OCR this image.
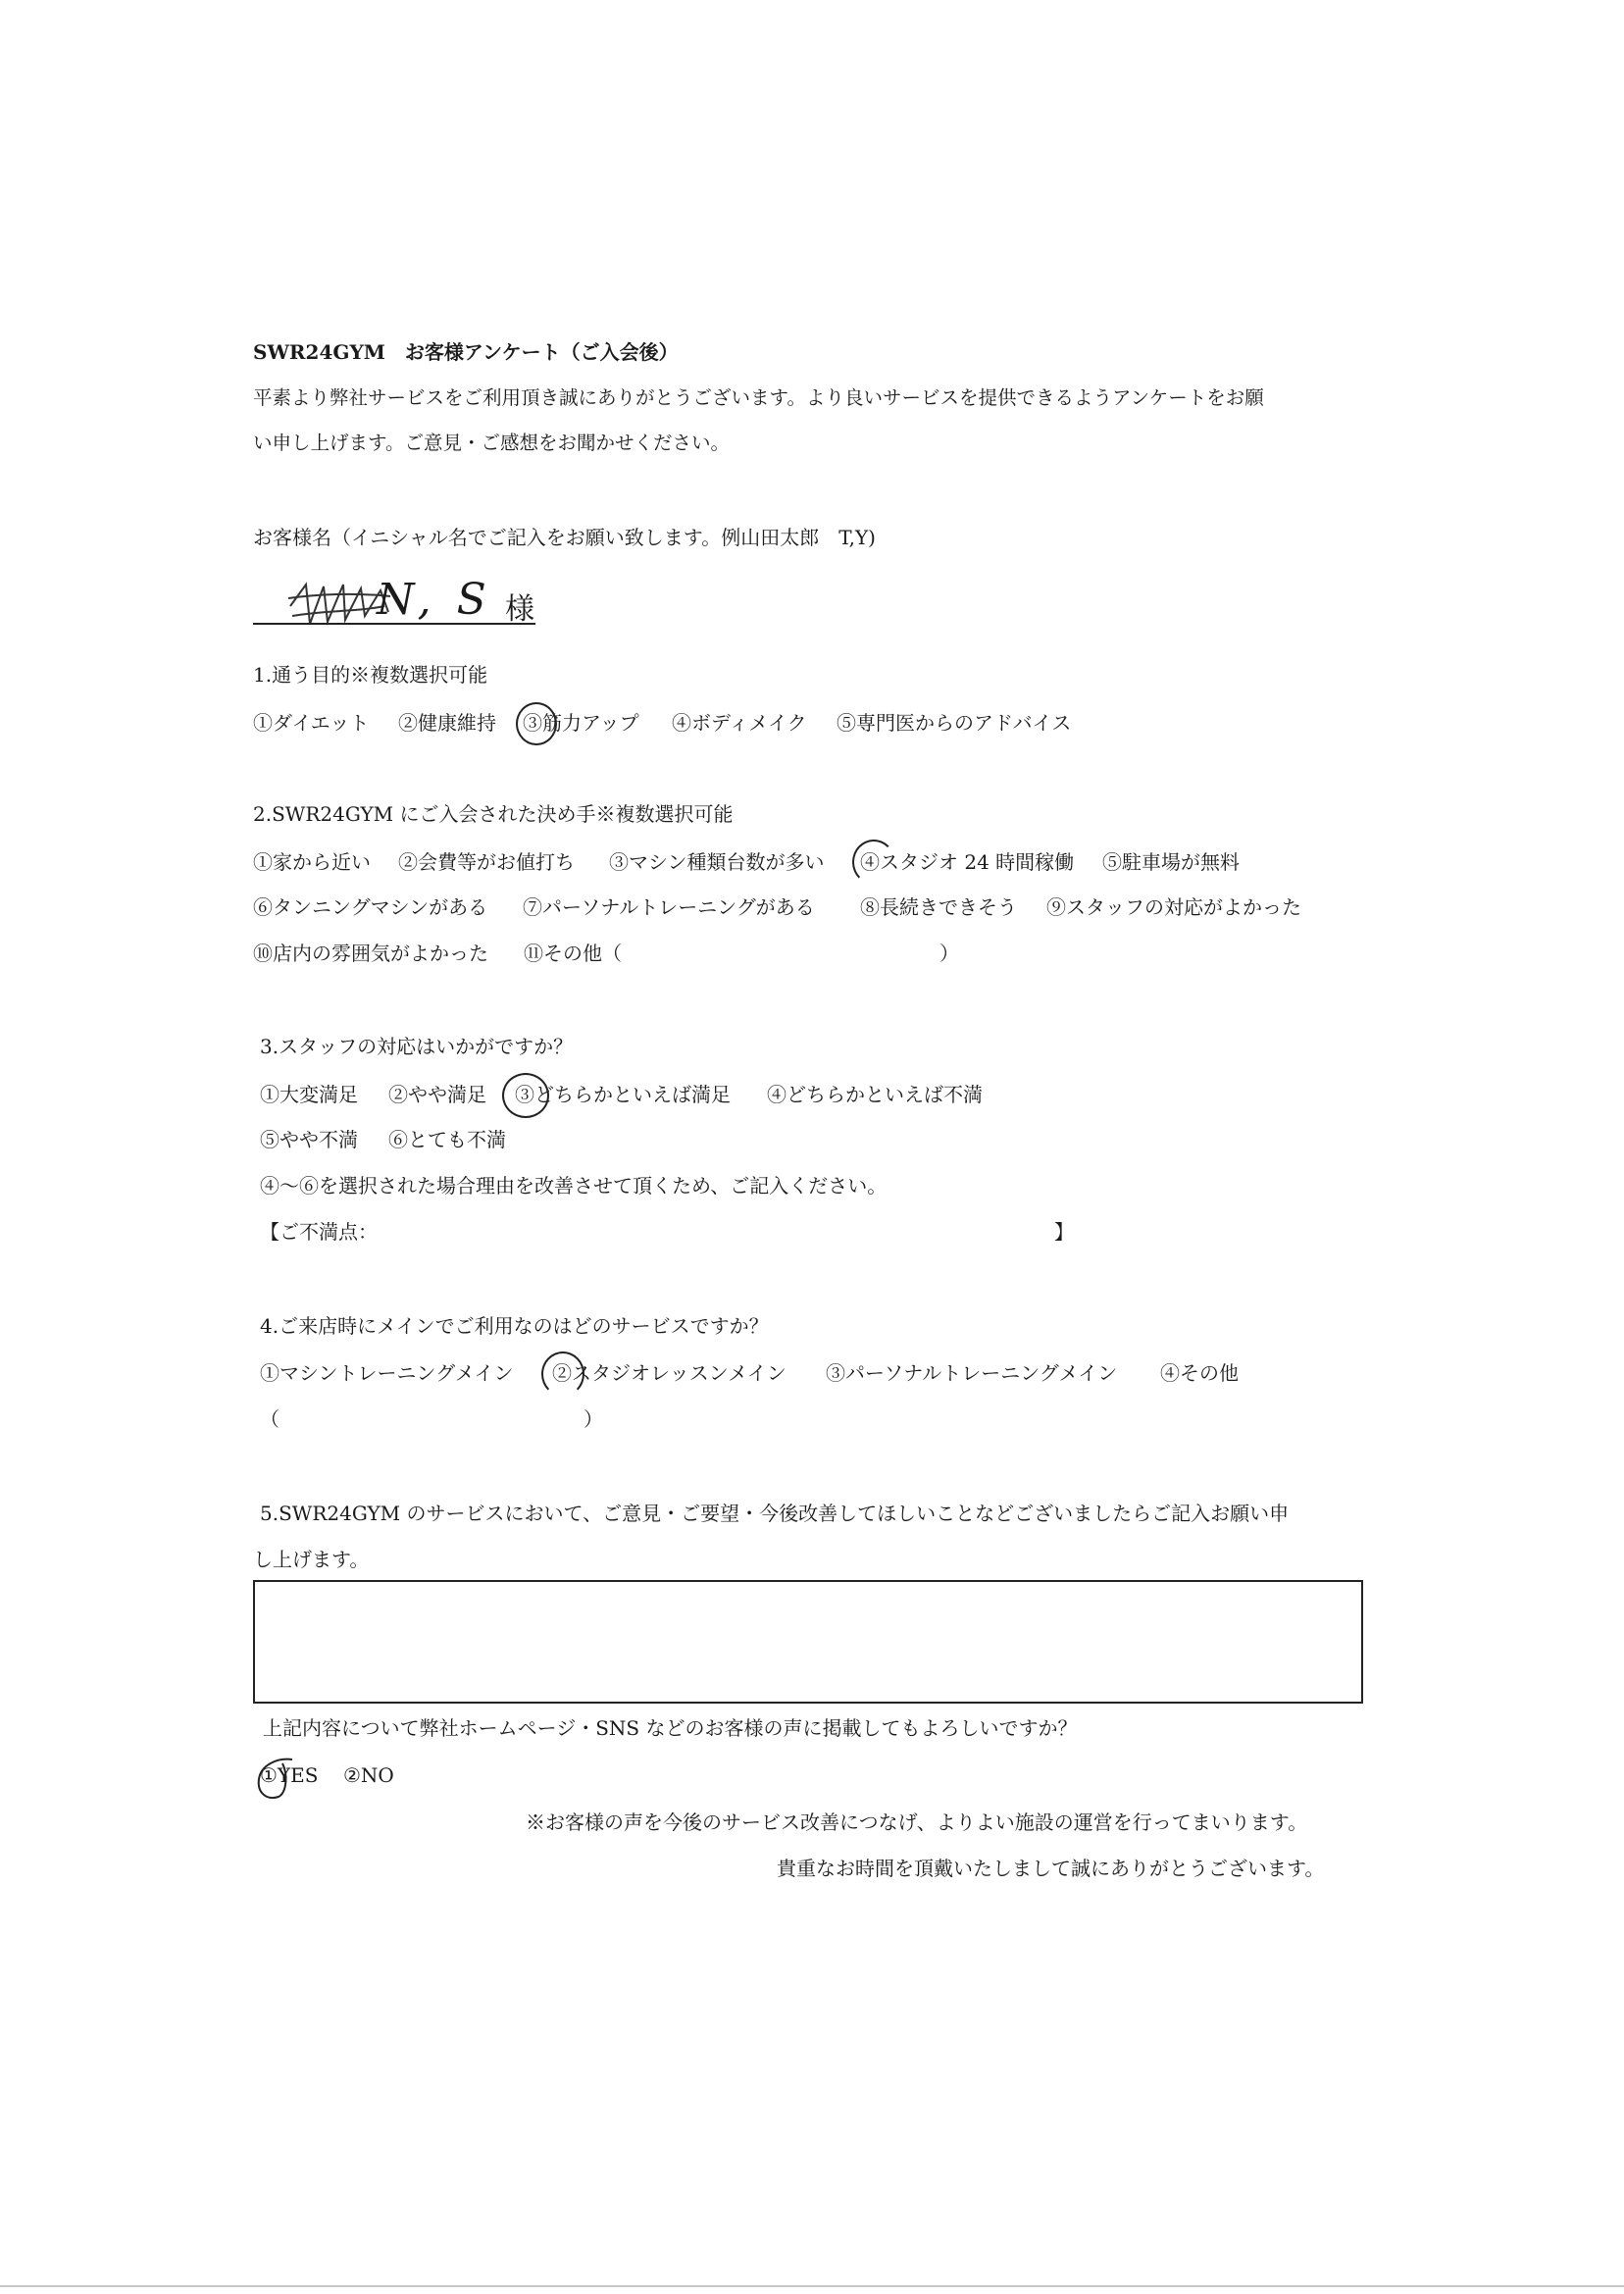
SWR24GYM　お客様アンケート（ご入会後）
平素より弊社サービスをご利用頂き誠にありがとうございます。より良いサービスを提供できるようアンケートをお願
い申し上げます。ご意見・ご感想をお聞かせください。
お客様名（イニシャル名でご記入をお願い致します。例山田太郎　T,Y)
N, S 様
1.通う目的※複数選択可能
①ダイエット ②健康維持 ③筋力アップ ④ボディメイク ⑤専門医からのアドバイス
2.SWR24GYM にご入会された決め手※複数選択可能
①家から近い ②会費等がお値打ち ③マシン種類台数が多い ④スタジオ 24 時間稼働 ⑤駐車場が無料
⑥タンニングマシンがある ⑦パーソナルトレーニングがある ⑧長続きできそう ⑨スタッフの対応がよかった
⑩店内の雰囲気がよかった ⑪その他（	）
3.スタッフの対応はいかがですか？
①大変満足 ②やや満足 ③どちらかといえば満足 ④どちらかといえば不満
⑤やや不満 ⑥とても不満
④～⑥を選択された場合理由を改善させて頂くため、ご記入ください。
【ご不満点：	】
4.ご来店時にメインでご利用なのはどのサービスですか？
①マシントレーニングメイン ②スタジオレッスンメイン ③パーソナルトレーニングメイン ④その他
（	）
5.SWR24GYM のサービスにおいて、ご意見・ご要望・今後改善してほしいことなどございましたらご記入お願い申
し上げます。
上記内容について弊社ホームページ・SNS などのお客様の声に掲載してもよろしいですか？
①YES ②NO
※お客様の声を今後のサービス改善につなげ、よりよい施設の運営を行ってまいります。
貴重なお時間を頂戴いたしまして誠にありがとうございます。
